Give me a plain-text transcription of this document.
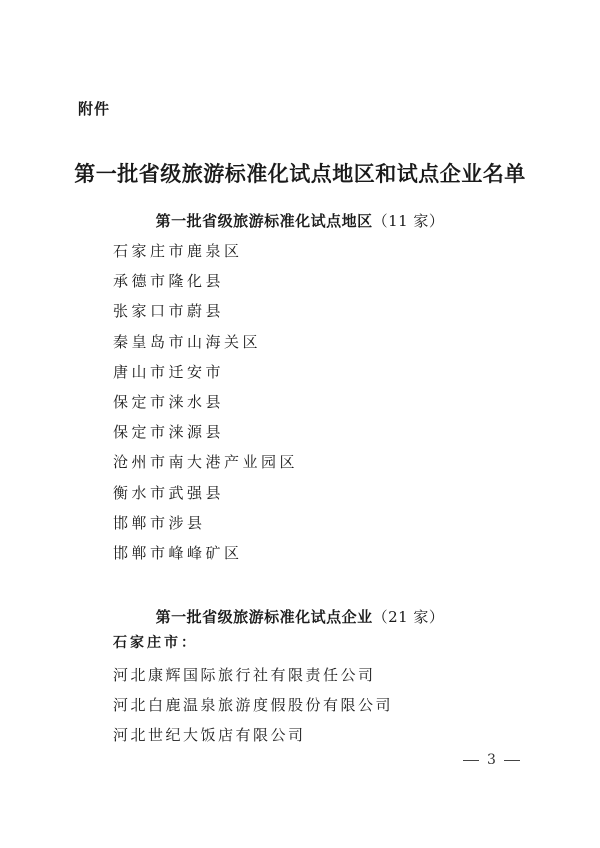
附件
第一批省级旅游标准化试点地区和试点企业名单
第一批省级旅游标准化试点地区（11 家）
石家庄市鹿泉区
承德市隆化县
张家口市蔚县
秦皇岛市山海关区
唐山市迁安市
保定市涞水县
保定市涞源县
沧州市南大港产业园区
衡水市武强县
邯郸市涉县
邯郸市峰峰矿区
第一批省级旅游标准化试点企业（21 家）
石家庄市：
河北康辉国际旅行社有限责任公司
河北白鹿温泉旅游度假股份有限公司
河北世纪大饭店有限公司
3
